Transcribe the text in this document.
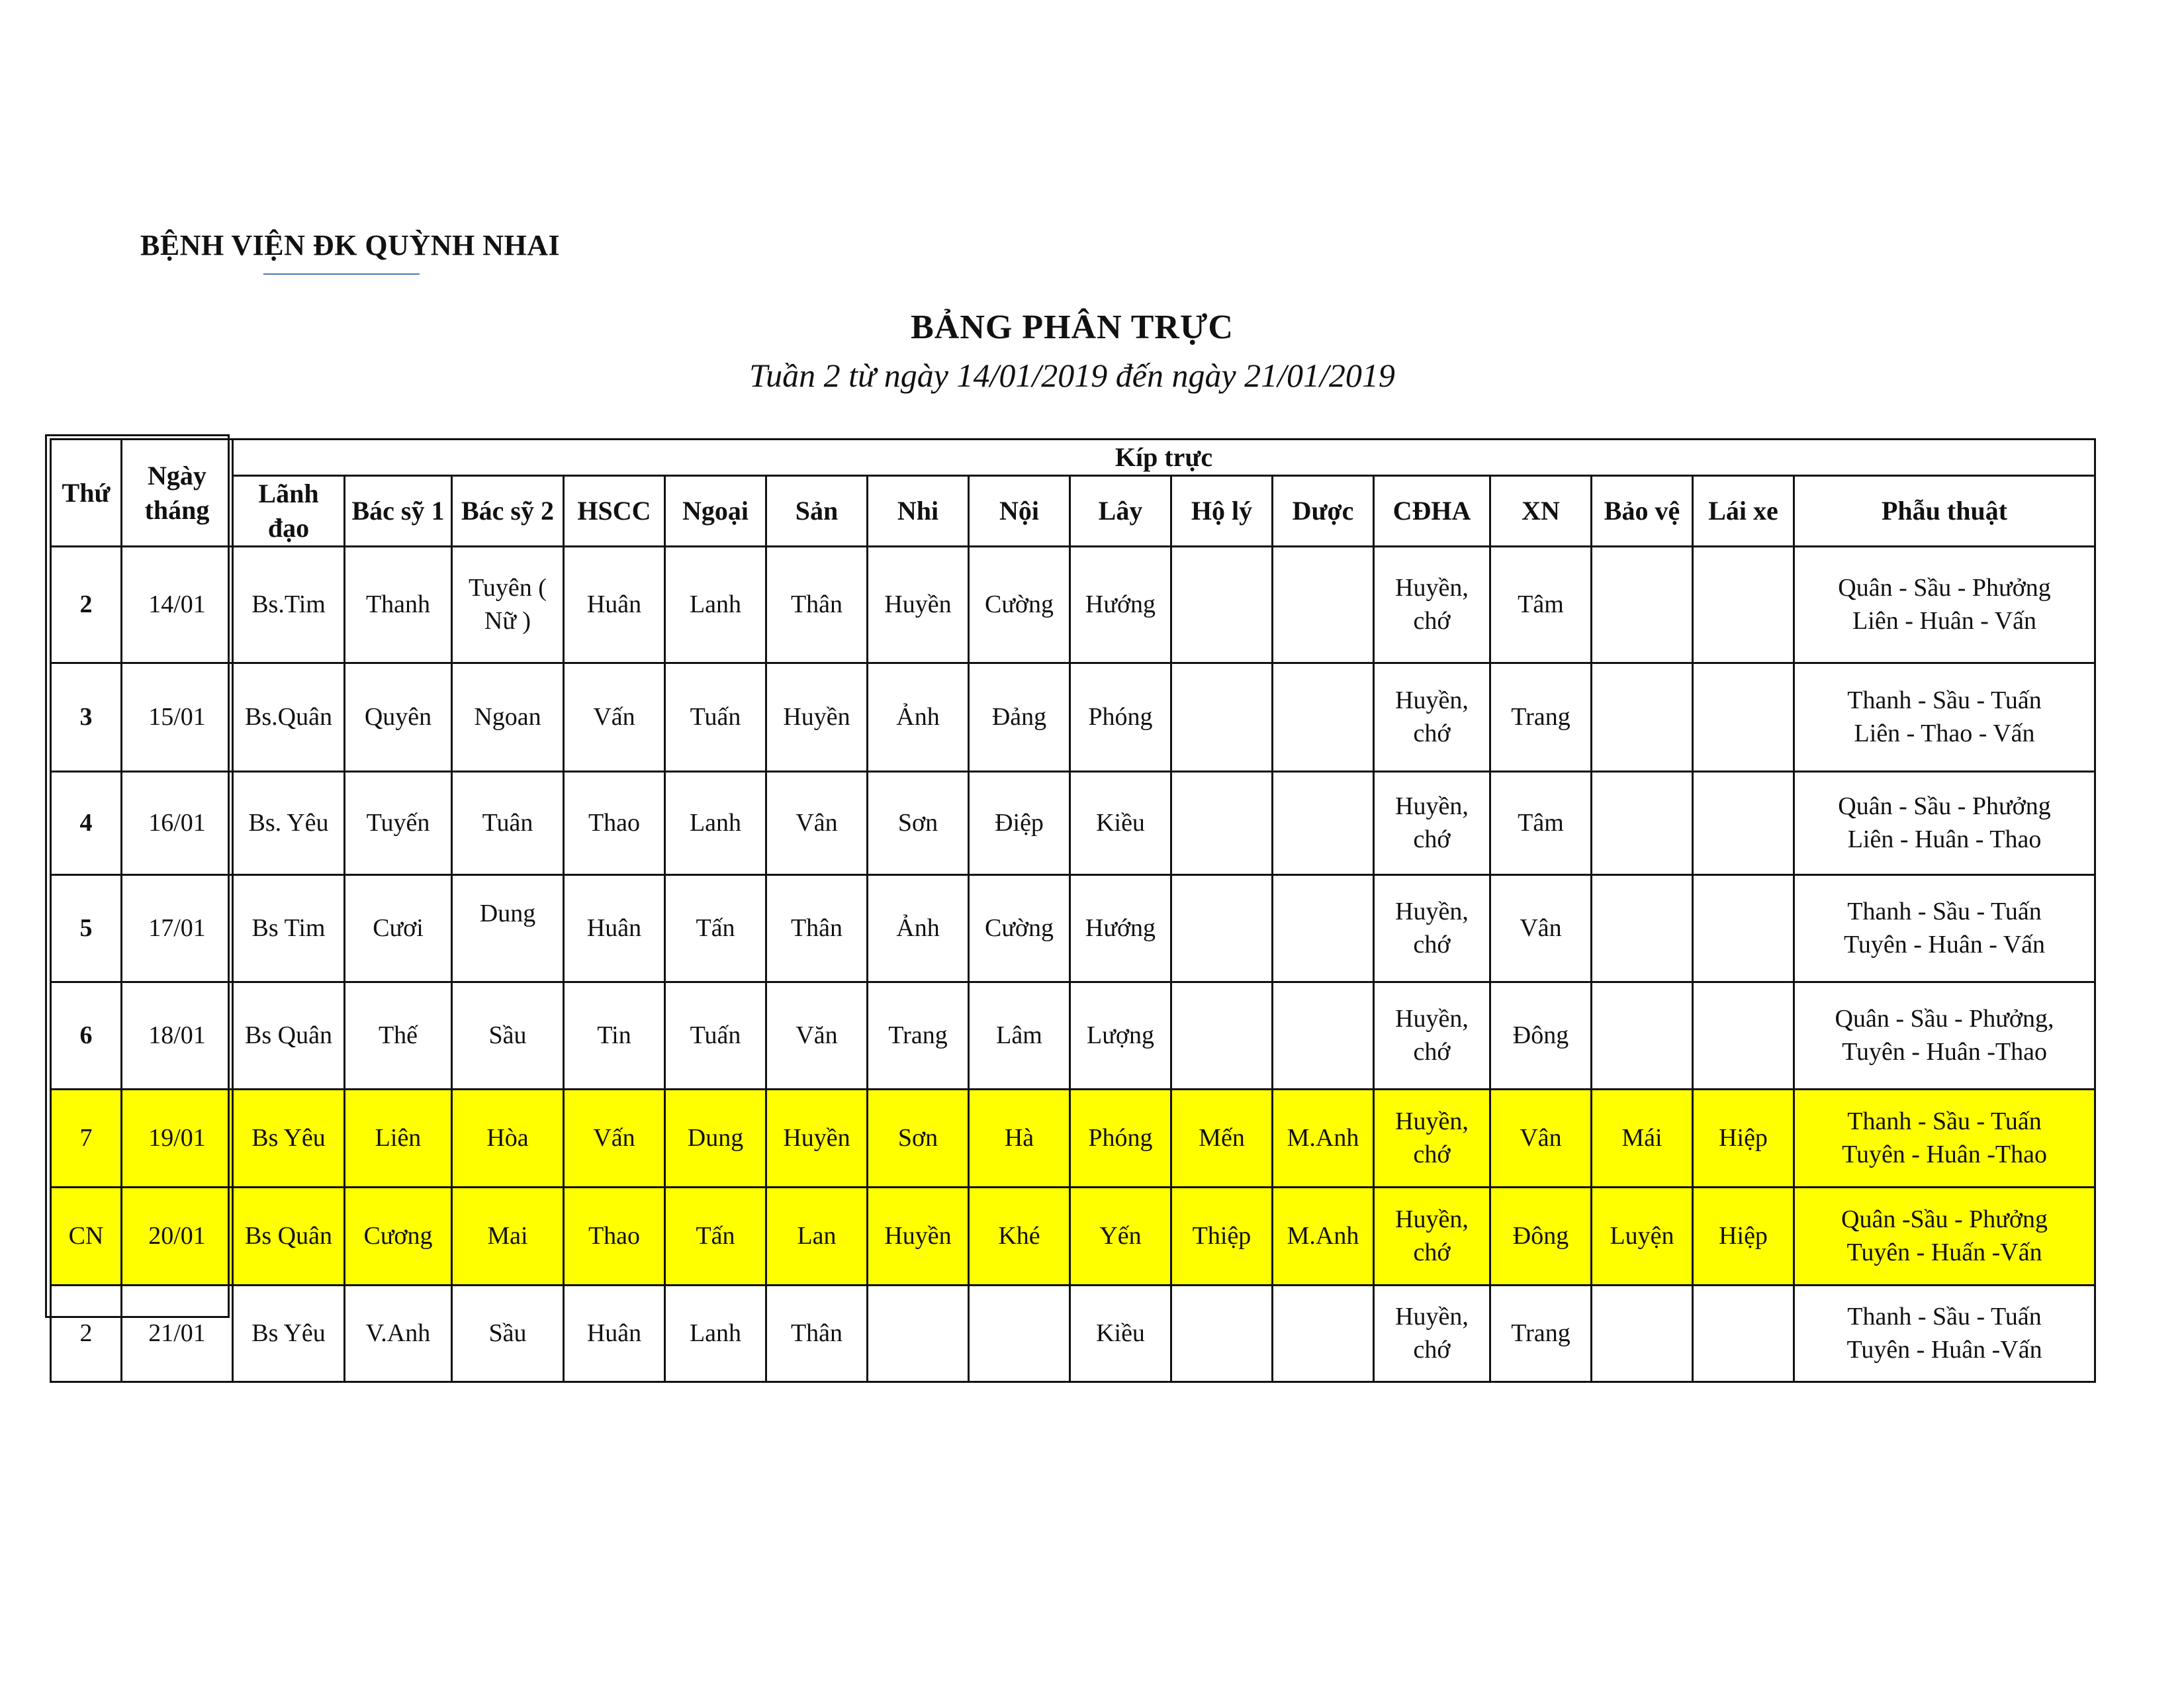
BỆNH VIỆN ĐK QUỲNH NHAI
BẢNG PHÂN TRỰC
Tuần 2 từ ngày 14/01/2019 đến ngày 21/01/2019
Thứ	Ngày tháng	Kíp trực															
		Lãnh đạo	Bác sỹ 1	Bác sỹ 2	HSCC	Ngoại	Sản	Nhi	Nội	Lây	Hộ lý	Dược	CĐHA	XN	Bảo vệ	Lái xe	Phẫu thuật
2	14/01	Bs.Tim	Thanh	Tuyên ( Nữ )	Huân	Lanh	Thân	Huyền	Cường	Hướng			Huyền, chớ	Tâm			Quân - Sầu - Phưởng
Liên - Huân - Vấn

3	15/01	Bs.Quân	Quyên	Ngoan	Vấn	Tuấn	Huyền	Ảnh	Đảng	Phóng			Huyền, chớ	Trang			Thanh - Sầu - Tuấn
Liên - Thao - Vấn

4	16/01	Bs. Yêu	Tuyến	Tuân	Thao	Lanh	Vân	Sơn	Điệp	Kiều			Huyền, chớ	Tâm			Quân - Sầu - Phưởng
Liên - Huân - Thao

5	17/01	Bs Tim	Cươi	Dung	Huân	Tấn	Thân	Ảnh	Cường	Hướng			Huyền, chớ	Vân			Thanh - Sầu - Tuấn
Tuyên - Huân - Vấn

6	18/01	Bs Quân	Thế	Sầu	Tin	Tuấn	Văn	Trang	Lâm	Lượng			Huyền, chớ	Đông			Quân - Sầu - Phưởng,
Tuyên - Huân -Thao

7	19/01	Bs Yêu	Liên	Hòa	Vấn	Dung	Huyền	Sơn	Hà	Phóng	Mến	M.Anh	Huyền, chớ	Vân	Mái	Hiệp	Thanh - Sầu - Tuấn
Tuyên - Huân -Thao

CN	20/01	Bs Quân	Cương	Mai	Thao	Tấn	Lan	Huyền	Khé	Yến	Thiệp	M.Anh	Huyền, chớ	Đông	Luyện	Hiệp	Quân -Sầu - Phưởng
Tuyên - Huấn -Vấn

2	21/01	Bs Yêu	V.Anh	Sầu	Huân	Lanh	Thân			Kiều			Huyền, chớ	Trang			Thanh - Sầu - Tuấn
Tuyên - Huân -Vấn
